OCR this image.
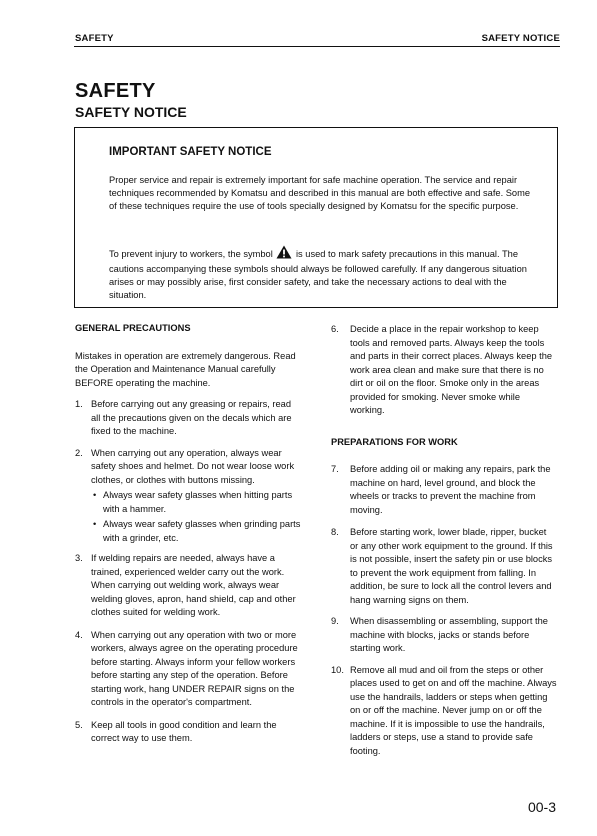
SAFETY	SAFETY NOTICE
SAFETY
SAFETY NOTICE
IMPORTANT SAFETY NOTICE
Proper service and repair is extremely important for safe machine operation. The service and repair techniques recommended by Komatsu and described in this manual are both effective and safe. Some of these techniques require the use of tools specially designed by Komatsu for the specific purpose.
To prevent injury to workers, the symbol is used to mark safety precautions in this manual. The cautions accompanying these symbols should always be followed carefully. If any dangerous situation arises or may possibly arise, first consider safety, and take the necessary actions to deal with the situation.
GENERAL PRECAUTIONS
Mistakes in operation are extremely dangerous. Read the Operation and Maintenance Manual carefully BEFORE operating the machine.
1. Before carrying out any greasing or repairs, read all the precautions given on the decals which are fixed to the machine.
2. When carrying out any operation, always wear safety shoes and helmet. Do not wear loose work clothes, or clothes with buttons missing.
• Always wear safety glasses when hitting parts with a hammer.
• Always wear safety glasses when grinding parts with a grinder, etc.
3. If welding repairs are needed, always have a trained, experienced welder carry out the work. When carrying out welding work, always wear welding gloves, apron, hand shield, cap and other clothes suited for welding work.
4. When carrying out any operation with two or more workers, always agree on the operating procedure before starting. Always inform your fellow workers before starting any step of the operation. Before starting work, hang UNDER REPAIR signs on the controls in the operator's compartment.
5. Keep all tools in good condition and learn the correct way to use them.
6. Decide a place in the repair workshop to keep tools and removed parts. Always keep the tools and parts in their correct places. Always keep the work area clean and make sure that there is no dirt or oil on the floor. Smoke only in the areas provided for smoking. Never smoke while working.
PREPARATIONS FOR WORK
7. Before adding oil or making any repairs, park the machine on hard, level ground, and block the wheels or tracks to prevent the machine from moving.
8. Before starting work, lower blade, ripper, bucket or any other work equipment to the ground. If this is not possible, insert the safety pin or use blocks to prevent the work equipment from falling. In addition, be sure to lock all the control levers and hang warning signs on them.
9. When disassembling or assembling, support the machine with blocks, jacks or stands before starting work.
10. Remove all mud and oil from the steps or other places used to get on and off the machine. Always use the handrails, ladders or steps when getting on or off the machine. Never jump on or off the machine. If it is impossible to use the handrails, ladders or steps, use a stand to provide safe footing.
00-3
